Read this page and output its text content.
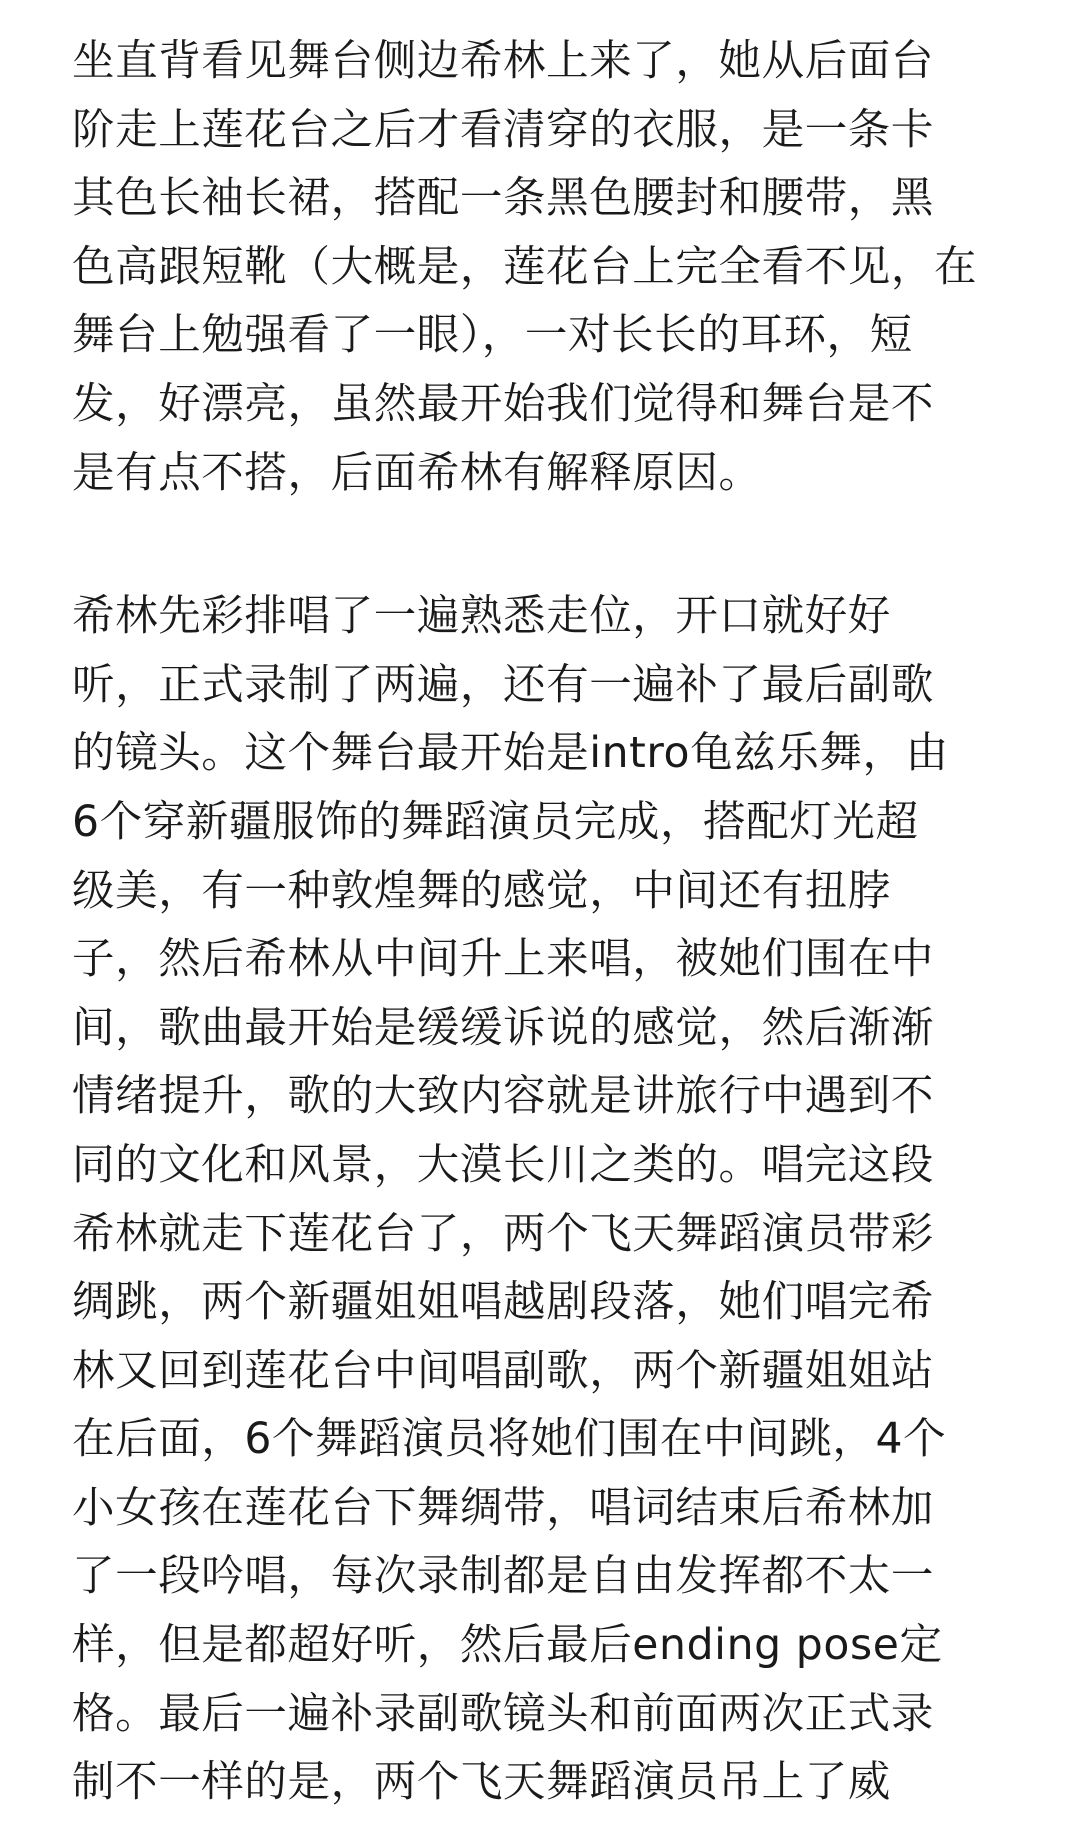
坐直背看见舞台侧边希林上来了，她从后面台
阶走上莲花台之后才看清穿的衣服，是一条卡
其色长袖长裙，搭配一条黑色腰封和腰带，黑
色高跟短靴（大概是，莲花台上完全看不见，在
舞台上勉强看了一眼），一对长长的耳环，短
发，好漂亮，虽然最开始我们觉得和舞台是不
是有点不搭，后面希林有解释原因。
希林先彩排唱了一遍熟悉走位，开口就好好
听，正式录制了两遍，还有一遍补了最后副歌
的镜头。这个舞台最开始是intro龟兹乐舞，由
6个穿新疆服饰的舞蹈演员完成，搭配灯光超
级美，有一种敦煌舞的感觉，中间还有扭脖
子，然后希林从中间升上来唱，被她们围在中
间，歌曲最开始是缓缓诉说的感觉，然后渐渐
情绪提升，歌的大致内容就是讲旅行中遇到不
同的文化和风景，大漠长川之类的。唱完这段
希林就走下莲花台了，两个飞天舞蹈演员带彩
绸跳，两个新疆姐姐唱越剧段落，她们唱完希
林又回到莲花台中间唱副歌，两个新疆姐姐站
在后面，6个舞蹈演员将她们围在中间跳，4个
小女孩在莲花台下舞绸带，唱词结束后希林加
了一段吟唱，每次录制都是自由发挥都不太一
样，但是都超好听，然后最后ending pose定
格。最后一遍补录副歌镜头和前面两次正式录
制不一样的是，两个飞天舞蹈演员吊上了威
